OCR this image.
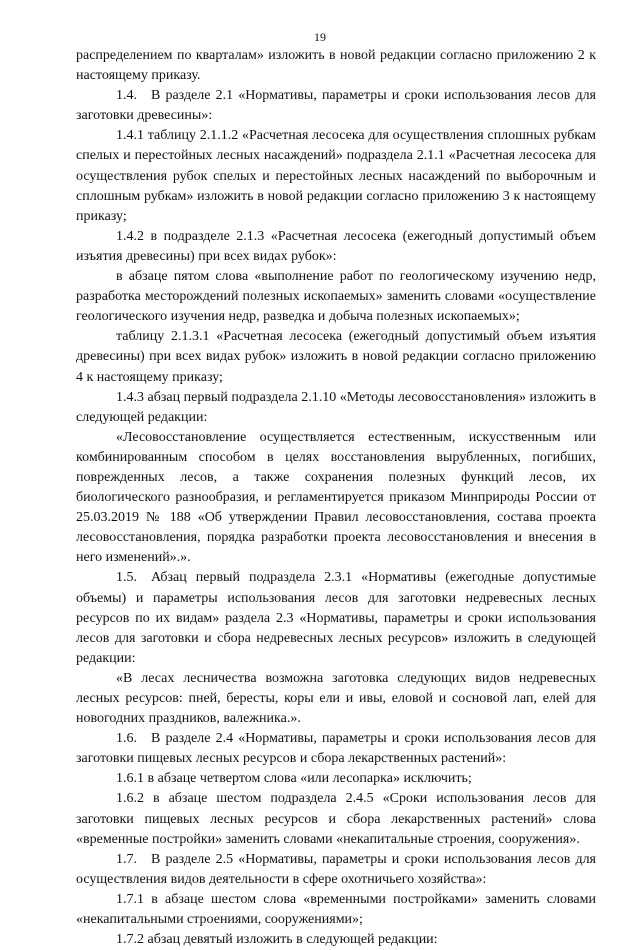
19

распределением по кварталам» изложить в новой редакции согласно приложению 2 к настоящему приказу.

1.4. В разделе 2.1 «Нормативы, параметры и сроки использования лесов для заготовки древесины»:

1.4.1 таблицу 2.1.1.2 «Расчетная лесосека для осуществления сплошных рубкам спелых и перестойных лесных насаждений» подраздела 2.1.1 «Расчетная лесосека для осуществления рубок спелых и перестойных лесных насаждений по выборочным и сплошным рубкам» изложить в новой редакции согласно приложению 3 к настоящему приказу;

1.4.2 в подразделе 2.1.3 «Расчетная лесосека (ежегодный допустимый объем изъятия древесины) при всех видах рубок»:

в абзаце пятом слова «выполнение работ по геологическому изучению недр, разработка месторождений полезных ископаемых» заменить словами «осуществление геологического изучения недр, разведка и добыча полезных ископаемых»;

таблицу 2.1.3.1 «Расчетная лесосека (ежегодный допустимый объем изъятия древесины) при всех видах рубок» изложить в новой редакции согласно приложению 4 к настоящему приказу;

1.4.3 абзац первый подраздела 2.1.10 «Методы лесовосстановления» изложить в следующей редакции:

«Лесовосстановление осуществляется естественным, искусственным или комбинированным способом в целях восстановления вырубленных, погибших, поврежденных лесов, а также сохранения полезных функций лесов, их биологического разнообразия, и регламентируется приказом Минприроды России от 25.03.2019 № 188 «Об утверждении Правил лесовосстановления, состава проекта лесовосстановления, порядка разработки проекта лесовосстановления и внесения в него изменений».».

1.5. Абзац первый подраздела 2.3.1 «Нормативы (ежегодные допустимые объемы) и параметры использования лесов для заготовки недревесных лесных ресурсов по их видам» раздела 2.3 «Нормативы, параметры и сроки использования лесов для заготовки и сбора недревесных лесных ресурсов» изложить в следующей редакции:

«В лесах лесничества возможна заготовка следующих видов недревесных лесных ресурсов: пней, бересты, коры ели и ивы, еловой и сосновой лап, елей для новогодних праздников, валежника.».

1.6. В разделе 2.4 «Нормативы, параметры и сроки использования лесов для заготовки пищевых лесных ресурсов и сбора лекарственных растений»:

1.6.1 в абзаце четвертом слова «или лесопарка» исключить;

1.6.2 в абзаце шестом подраздела 2.4.5 «Сроки использования лесов для заготовки пищевых лесных ресурсов и сбора лекарственных растений» слова «временные постройки» заменить словами «некапитальные строения, сооружения».

1.7. В разделе 2.5 «Нормативы, параметры и сроки использования лесов для осуществления видов деятельности в сфере охотничьего хозяйства»:

1.7.1 в абзаце шестом слова «временными постройками» заменить словами «некапитальными строениями, сооружениями»;

1.7.2 абзац девятый изложить в следующей редакции:
